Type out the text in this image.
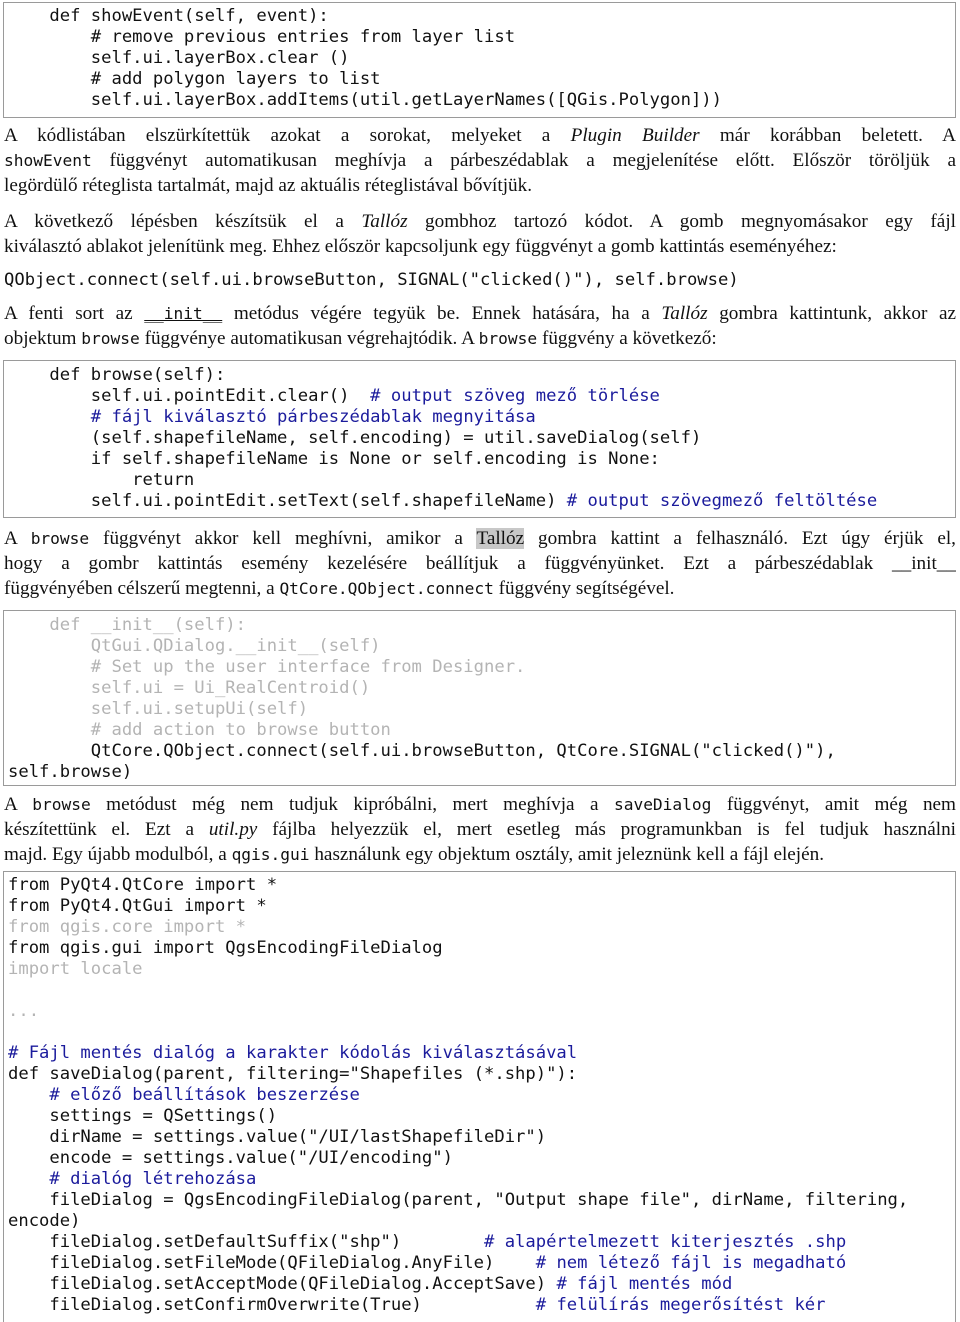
def showEvent(self, event):
# remove previous entries from layer list
self.ui.layerBox.clear ()
# add polygon layers to list
self.ui.layerBox.addItems(util.getLayerNames([QGis.Polygon]))
A kódlistában elszürkítettük azokat a sorokat, melyeket a Plugin Builder már korábban beletett. A
showEvent függvényt automatikusan meghívja a párbeszédablak a megjelenítése előtt. Először töröljük a
legördülő réteglista tartalmát, majd az aktuális réteglistával bővítjük.
A következő lépésben készítsük el a Tallóz gombhoz tartozó kódot. A gomb megnyomásakor egy fájl
kiválasztó ablakot jelenítünk meg. Ehhez először kapcsoljunk egy függvényt a gomb kattintás eseményéhez:
QObject.connect(self.ui.browseButton, SIGNAL("clicked()"), self.browse)
A fenti sort az __init__ metódus végére tegyük be. Ennek hatására, ha a Tallóz gombra kattintunk, akkor az
objektum browse függvénye automatikusan végrehajtódik. A browse függvény a következő:
def browse(self):
self.ui.pointEdit.clear()  # output szöveg mező törlése
# fájl kiválasztó párbeszédablak megnyitása
(self.shapefileName, self.encoding) = util.saveDialog(self)
if self.shapefileName is None or self.encoding is None:
return
self.ui.pointEdit.setText(self.shapefileName) # output szövegmező feltöltése
A browse függvényt akkor kell meghívni, amikor a Tallóz gombra kattint a felhasználó. Ezt úgy érjük el,
hogy a gombr kattintás esemény kezelésére beállítjuk a függvényünket. Ezt a párbeszédablak __init__
függvényében célszerű megtenni, a QtCore.QObject.connect függvény segítségével.
def __init__(self):
QtGui.QDialog.__init__(self)
# Set up the user interface from Designer.
self.ui = Ui_RealCentroid()
self.ui.setupUi(self)
# add action to browse button
QtCore.QObject.connect(self.ui.browseButton, QtCore.SIGNAL("clicked()"),
self.browse)
A browse metódust még nem tudjuk kipróbálni, mert meghívja a saveDialog függvényt, amit még nem
készítettünk el. Ezt a util.py fájlba helyezzük el, mert esetleg más programunkban is fel tudjuk használni
majd. Egy újabb modulból, a qgis.gui használunk egy objektum osztály, amit jeleznünk kell a fájl elején.
from PyQt4.QtCore import *
from PyQt4.QtGui import *
from qgis.core import *
from qgis.gui import QgsEncodingFileDialog
import locale
...
# Fájl mentés dialóg a karakter kódolás kiválasztásával
def saveDialog(parent, filtering="Shapefiles (*.shp)"):
# előző beállítások beszerzése
settings = QSettings()
dirName = settings.value("/UI/lastShapefileDir")
encode = settings.value("/UI/encoding")
# dialóg létrehozása
fileDialog = QgsEncodingFileDialog(parent, "Output shape file", dirName, filtering,
encode)
fileDialog.setDefaultSuffix("shp")        # alapértelmezett kiterjesztés .shp
fileDialog.setFileMode(QFileDialog.AnyFile)    # nem létező fájl is megadható
fileDialog.setAcceptMode(QFileDialog.AcceptSave) # fájl mentés mód
fileDialog.setConfirmOverwrite(True)           # felülírás megerősítést kér
